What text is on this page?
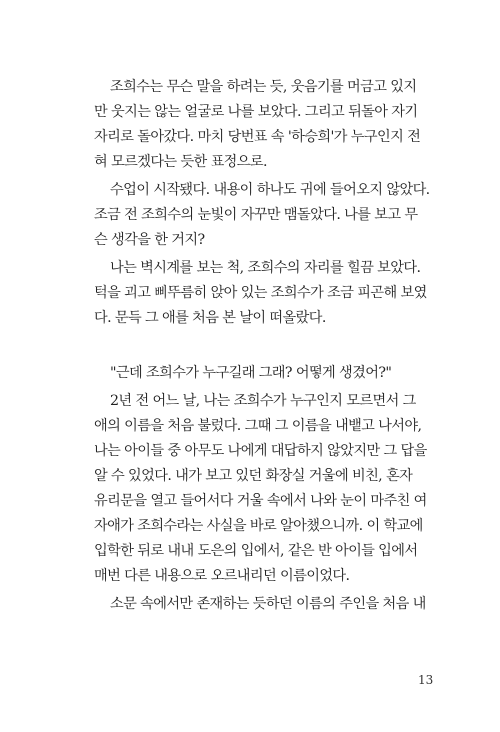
조희수는 무슨 말을 하려는 듯, 웃음기를 머금고 있지
만 웃지는 않는 얼굴로 나를 보았다. 그리고 뒤돌아 자기
자리로 돌아갔다. 마치 당번표 속 '하승희'가 누구인지 전
혀 모르겠다는 듯한 표정으로.
수업이 시작됐다. 내용이 하나도 귀에 들어오지 않았다.
조금 전 조희수의 눈빛이 자꾸만 맴돌았다. 나를 보고 무
슨 생각을 한 거지?
나는 벽시계를 보는 척, 조희수의 자리를 힐끔 보았다.
턱을 괴고 삐뚜름히 앉아 있는 조희수가 조금 피곤해 보였
다. 문득 그 애를 처음 본 날이 떠올랐다.
"근데 조희수가 누구길래 그래? 어떻게 생겼어?"
2년 전 어느 날, 나는 조희수가 누구인지 모르면서 그
애의 이름을 처음 불렀다. 그때 그 이름을 내뱉고 나서야,
나는 아이들 중 아무도 나에게 대답하지 않았지만 그 답을
알 수 있었다. 내가 보고 있던 화장실 거울에 비친, 혼자
유리문을 열고 들어서다 거울 속에서 나와 눈이 마주친 여
자애가 조희수라는 사실을 바로 알아챘으니까. 이 학교에
입학한 뒤로 내내 도은의 입에서, 같은 반 아이들 입에서
매번 다른 내용으로 오르내리던 이름이었다.
소문 속에서만 존재하는 듯하던 이름의 주인을 처음 내
13
